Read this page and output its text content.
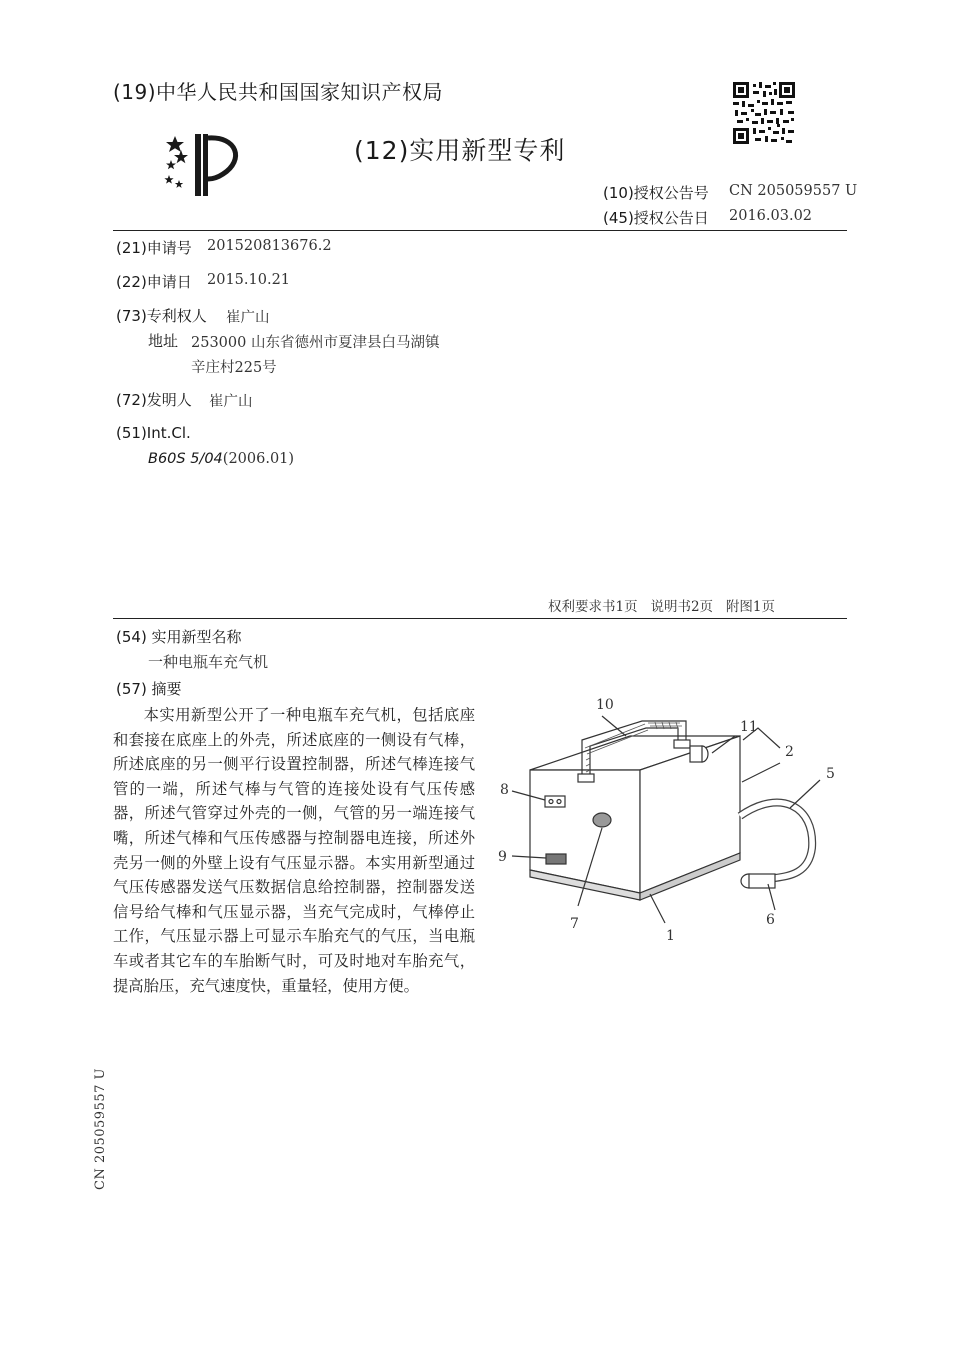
(19)中华人民共和国国家知识产权局
(12)实用新型专利
(10)授权公告号 CN 205059557 U
(45)授权公告日 2016.03.02
(21)申请号 201520813676.2
(22)申请日 2015.10.21
(73)专利权人 崔广山
地址 253000 山东省德州市夏津县白马湖镇
辛庄村225号
(72)发明人 崔广山
(51)Int.Cl.
B60S 5/04(2006.01)
权利要求书1页   说明书2页   附图1页
(54) 实用新型名称
一种电瓶车充气机
(57) 摘要
本实用新型公开了一种电瓶车充气机，包括底座和套接在底座上的外壳，所述底座的一侧设有气棒，所述底座的另一侧平行设置控制器，所述气棒连接气管的一端，所述气棒与气管的连接处设有气压传感器，所述气管穿过外壳的一侧，气管的另一端连接气嘴，所述气棒和气压传感器与控制器电连接，所述外壳另一侧的外壁上设有气压显示器。本实用新型通过气压传感器发送气压数据信息给控制器，控制器发送信号给气棒和气压显示器，当充气完成时，气棒停止工作，气压显示器上可显示车胎充气的气压，当电瓶车或者其它车的车胎断气时，可及时地对车胎充气，提高胎压，充气速度快，重量轻，使用方便。
10
11
2
5
8
9
7
1
6
CN 205059557 U
